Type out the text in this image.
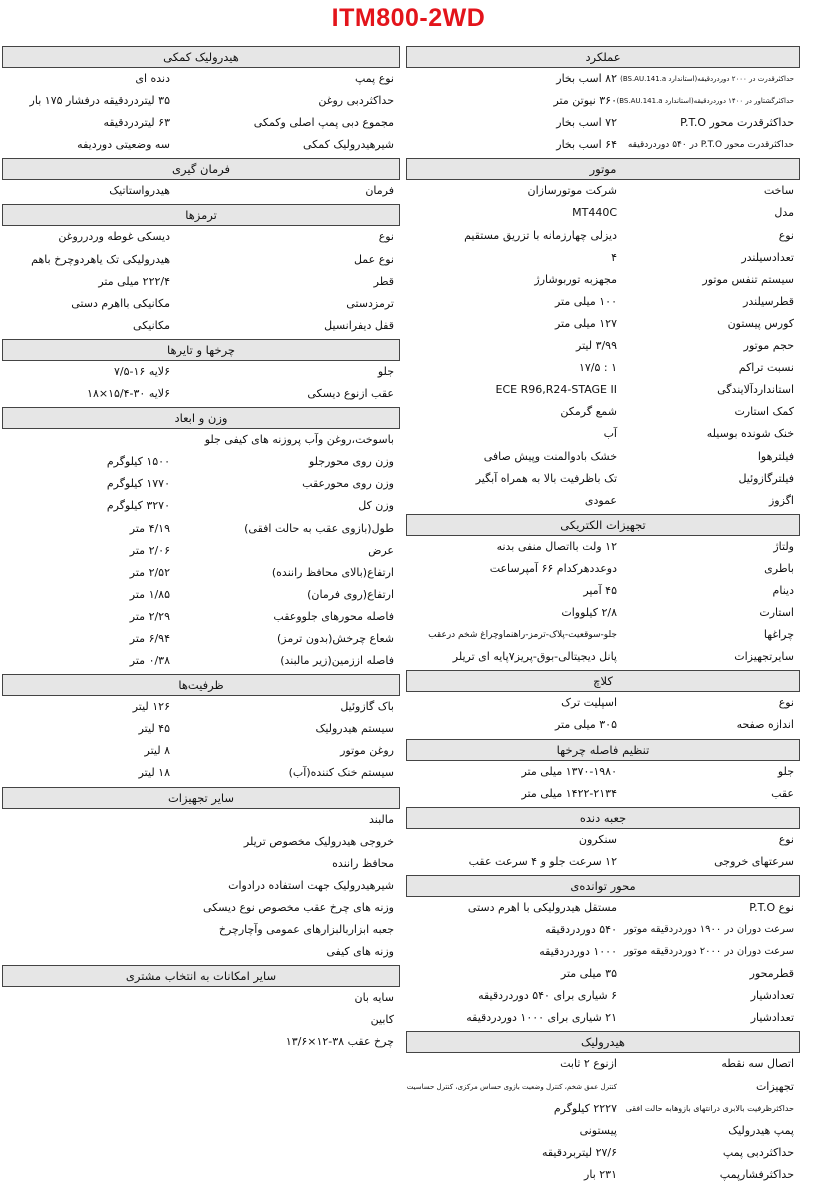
ITM800-2WD
عملکرد
حداکثرقدرت در ۲۰۰۰ دوردردقیقه(استاندارد BS.AU.141.a)
۸۲ اسب بخار
حداکثرگشتاور در ۱۴۰۰ دوردردقیقه(استاندارد BS.AU.141.a)
۳۶۰ نیوتن متر
حداکثرقدرت محور P.T.O
۷۲ اسب بخار
حداکثرقدرت محور P.T.O در ۵۴۰ دوردردقیقه
۶۴ اسب بخار
موتور
ساخت
شرکت موتورسازان
مدل
MT440C
نوع
دیزلی چهارزمانه با تزریق مستقیم
تعدادسیلندر
۴
سیستم تنفس موتور
مجهزبه توربوشارژ
قطرسیلندر
۱۰۰ میلی متر
کورس پیستون
۱۲۷ میلی متر
حجم موتور
۳/۹۹ لیتر
نسبت تراکم
۱ : ۱۷/۵
استانداردآلایندگی
ECE R96,R24-STAGE II
کمک استارت
شمع گرمکن
خنک شونده بوسیله
آب
فیلترهوا
خشک بادوالمنت وپیش صافی
فیلترگازوئیل
تک باظرفیت بالا به همراه آبگیر
اگزوز
عمودی
تجهیزات الکتریکی
ولتاژ
۱۲ ولت بااتصال منفی بدنه
باطری
دوعددهرکدام ۶۶ آمپرساعت
دینام
۴۵ آمپر
استارت
۲/۸ کیلووات
چراغها
جلو-سوقعیت-پلاک-ترمز-راهنماوچراغ شخم درعقب
سایرتجهیزات
پانل دیجیتالی-بوق-پریز۷پایه ای تریلر
کلاچ
نوع
اسپلیت ترک
اندازه صفحه
۳۰۵ میلی متر
تنظیم فاصله چرخها
جلو
۱۳۷۰-۱۹۸۰ میلی متر
عقب
۱۴۲۲-۲۱۳۴ میلی متر
جعبه دنده
نوع
سنکرون
سرعتهای خروجی
۱۲ سرعت جلو و ۴ سرعت عقب
محور توانده‌ی
نوع P.T.O
مستقل هیدرولیکی با اهرم دستی
سرعت دوران در ۱۹۰۰ دوردردقیقه موتور
۵۴۰ دوردردقیقه
سرعت دوران در ۲۰۰۰ دوردردقیقه موتور
۱۰۰۰ دوردردقیقه
قطرمحور
۳۵ میلی متر
تعدادشیار
۶ شیاری برای ۵۴۰ دوردردقیقه
تعدادشیار
۲۱ شیاری برای ۱۰۰۰ دوردردقیقه
هیدرولیک
اتصال سه نقطه
ازنوع ۲ ثابت
تجهیزات
کنترل عمق شخم، کنترل وضعیت بازوی حساس مرکزی، کنترل حساسیت
حداکثرظرفیت بالابری درانتهای بازوهابه حالت افقی
۲۲۲۷ کیلوگرم
پمپ هیدرولیک
پیستونی
حداکثردبی پمپ
۲۷/۶ لیتربردقیقه
حداکثرفشارپمپ
۲۳۱ بار
هیدرولیک کمکی
نوع پمپ
دنده ای
حداکثردبی روغن
۳۵ لیتردردقیقه درفشار ۱۷۵ بار
مجموع دبی پمپ اصلی وکمکی
۶۳ لیتردردقیقه
شیرهیدرولیک کمکی
سه وضعیتی دوردیفه
فرمان گیری
فرمان
هیدرواستاتیک
ترمزها
نوع
دیسکی غوطه وردرروغن
نوع عمل
هیدرولیکی تک یاهردوچرخ باهم
قطر
۲۲۲/۴ میلی متر
ترمزدستی
مکانیکی بااهرم دستی
قفل دیفرانسیل
مکانیکی
چرخها و تایرها
جلو
۶لایه ۱۶-۷/۵
عقب ازنوع دیسکی
۶لایه ۳۰-۱۵/۴×۱۸
وزن و ابعاد
باسوخت،روغن وآب پروزنه های کیفی جلو
وزن روی محورجلو
۱۵۰۰ کیلوگرم
وزن روی محورعقب
۱۷۷۰ کیلوگرم
وزن کل
۳۲۷۰ کیلوگرم
طول(بازوی عقب به حالت افقی)
۴/۱۹ متر
عرض
۲/۰۶ متر
ارتفاع(بالای محافظ راننده)
۲/۵۲ متر
ارتفاع(روی فرمان)
۱/۸۵ متر
فاصله محورهای جلووعقب
۲/۲۹ متر
شعاع چرخش(بدون ترمز)
۶/۹۴ متر
فاصله اززمین(زیر مالبند)
۰/۳۸ متر
ظرفیت‌ها
باک گازوئیل
۱۲۶ لیتر
سیستم هیدرولیک
۴۵ لیتر
روغن موتور
۸ لیتر
سیستم خنک کننده(آب)
۱۸ لیتر
سایر تجهیزات
مالبند
خروجی هیدرولیک مخصوص تریلر
محافظ راننده
شیرهیدرولیک جهت استفاده درادوات
وزنه های چرخ عقب مخصوص نوع دیسکی
جعبه ابزاربالبزارهای عمومی وآچارچرخ
وزنه های کیفی
سایر امکانات به انتخاب مشتری
سایه بان
کابین
چرخ عقب ۳۸-۱۲×۱۳/۶
